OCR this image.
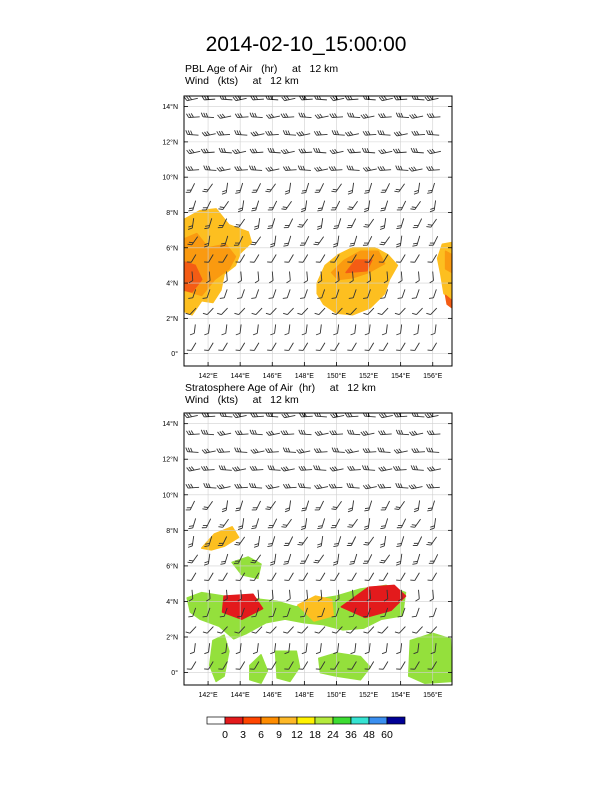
2014-02-10_15:00:00
PBL Age of Air   (hr)     at   12 km
Wind   (kts)     at   12 km
Stratosphere Age of Air  (hr)     at   12 km
Wind   (kts)     at   12 km
142°E 144°E 146°E 148°E 150°E 152°E 154°E 156°E
0°
2°N
4°N
6°N
8°N
10°N
12°N
14°N
142°E 144°E 146°E 148°E 150°E 152°E 154°E 156°E
0°
2°N
4°N
6°N
8°N
10°N
12°N
14°N
0 3 6 9 12 18 24 36 48 60
